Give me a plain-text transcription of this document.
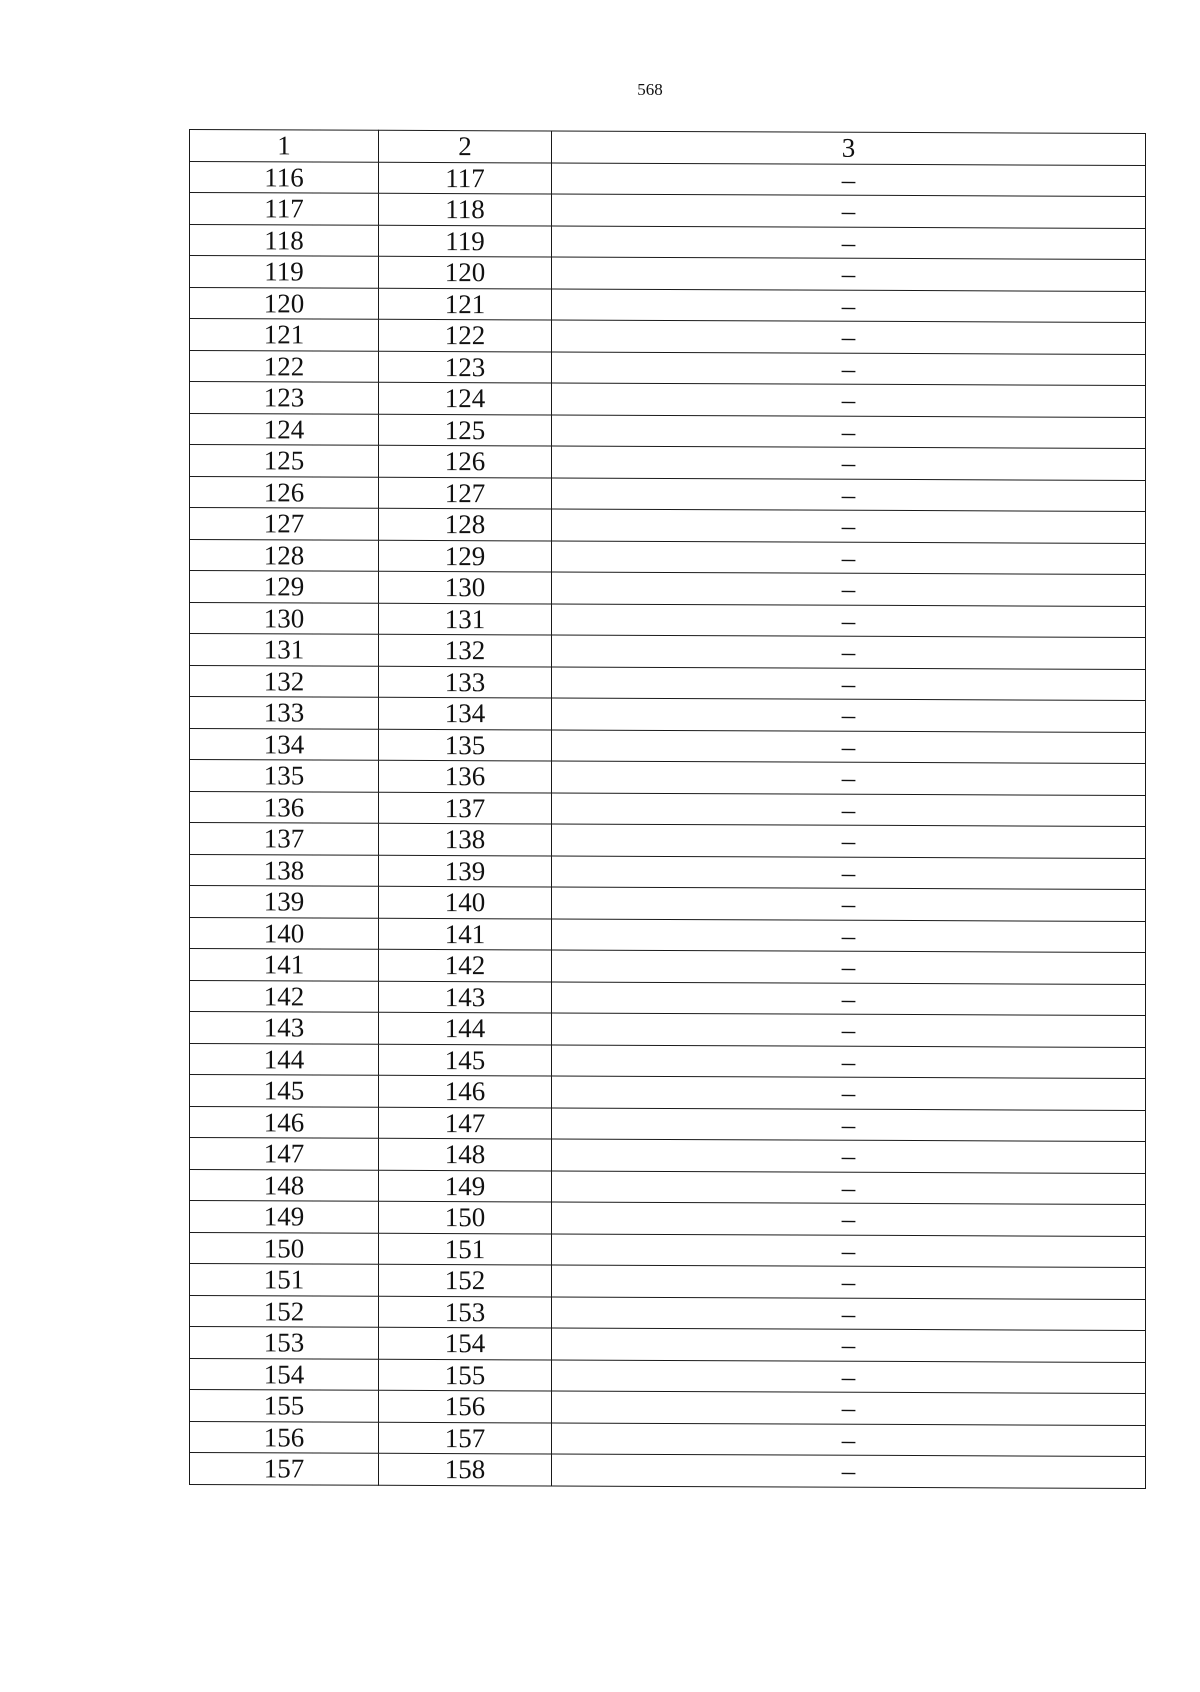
568
1	2	3
116	117	–
117	118	–
118	119	–
119	120	–
120	121	–
121	122	–
122	123	–
123	124	–
124	125	–
125	126	–
126	127	–
127	128	–
128	129	–
129	130	–
130	131	–
131	132	–
132	133	–
133	134	–
134	135	–
135	136	–
136	137	–
137	138	–
138	139	–
139	140	–
140	141	–
141	142	–
142	143	–
143	144	–
144	145	–
145	146	–
146	147	–
147	148	–
148	149	–
149	150	–
150	151	–
151	152	–
152	153	–
153	154	–
154	155	–
155	156	–
156	157	–
157	158	–
